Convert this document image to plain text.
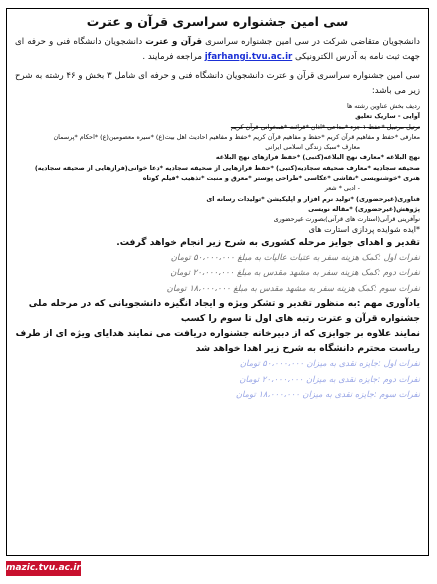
سی امین جشنواره سراسری قرآن و عترت
دانشجویان متقاضی شرکت در سی امین جشنواره سراسری قرآن و عترت دانشجویان دانشگاه فنی و حرفه ای جهت ثبت نامه به آدرس الکترونیکی jfarhangi.tvu.ac.ir مراجعه فرمایند .
سی امین جشنواره سراسری قرآن و عترت دانشجویان دانشگاه فنی و حرفه ای شامل ۳ بخش و ۴۶ رشته به شرح زیر می باشد:
ردیف بخش عناوین رشته ها
آوایی - ساریک تعلیق
ترتیل مرتبیل *حفظ ۱ جزء *مداحی *اذان *قرائت *همخوانی قرآن کریم
معارفی *حفظ و مفاهیم قرآن کریم *حفظ و مفاهیم قرآن کریم *حفظ و مفاهیم احادیث اهل بیت(ع) *سیره معصومین(ع) *احکام *پرسمان
معارف *سبک زندگی اسلامی ایرانی
نهج البلاغه *معارف نهج البلاغه(کتبی) *حفظ فرازهای نهج البلاغه
صحیفه سجادیه *معارف صحیفه سجادیه(کتبی) *حفظ فرازهایی از صحیفه سجادیه *دعا خوانی(فرازهایی از صحیفه سجادیه)
هنری *خوشنویسی *نقاشی *عکاسی *طراحی پوستر *معرق و منبت *تذهیب *فیلم کوتاه
- ادبی * شعر
فناوری(غیرحضوری) *تولید نرم افزار و اپلیکیشن *تولیدات رسانه ای
پژوهش(غیرحضوری) *مقاله نویسی
نوآفرینی قرآنی(استارت های قرآنی)بصورت غیرحضوری
*ایده شوایده پردازی استارت های
تقدیر و اهدای جوایز مرحله کشوری به شرح زیر انجام خواهد گرفت.
نفرات اول :کمک هزینه سفر به عتبات عالیات به مبلغ ۵۰،۰۰۰،۰۰۰ تومان
نفرات دوم :کمک هزینه سفر به مشهد مقدس به مبلغ ۲۰،۰۰۰،۰۰۰ تومان
نفرات سوم :کمک هزینه سفر به مشهد مقدس به مبلغ ۱۸،۰۰۰،۰۰۰ تومان
یادآوری مهم :به منظور تقدیر و تشکر ویژه و ایجاد انگیزه دانشجویانی که در مرحله ملی جشنواره قرآن و عترت رتبه های اول تا سوم را کسب
نمایند علاوه بر جوایزی که از دبیرخانه جشنواره دریافت می نمایند هدایای ویژه ای از طرف ریاست محترم دانشگاه به شرح زیر اهدا خواهد شد
نفرات اول :جایزه نقدی به میزان ۵۰،۰۰۰،۰۰۰ تومان
نفرات دوم :جایزه نقدی به میزان ۲۰،۰۰۰،۰۰۰ تومان
نفرات سوم :جایزه نقدی به میزان ۱۸،۰۰۰،۰۰۰ تومان
mazic.tvu.ac.ir
